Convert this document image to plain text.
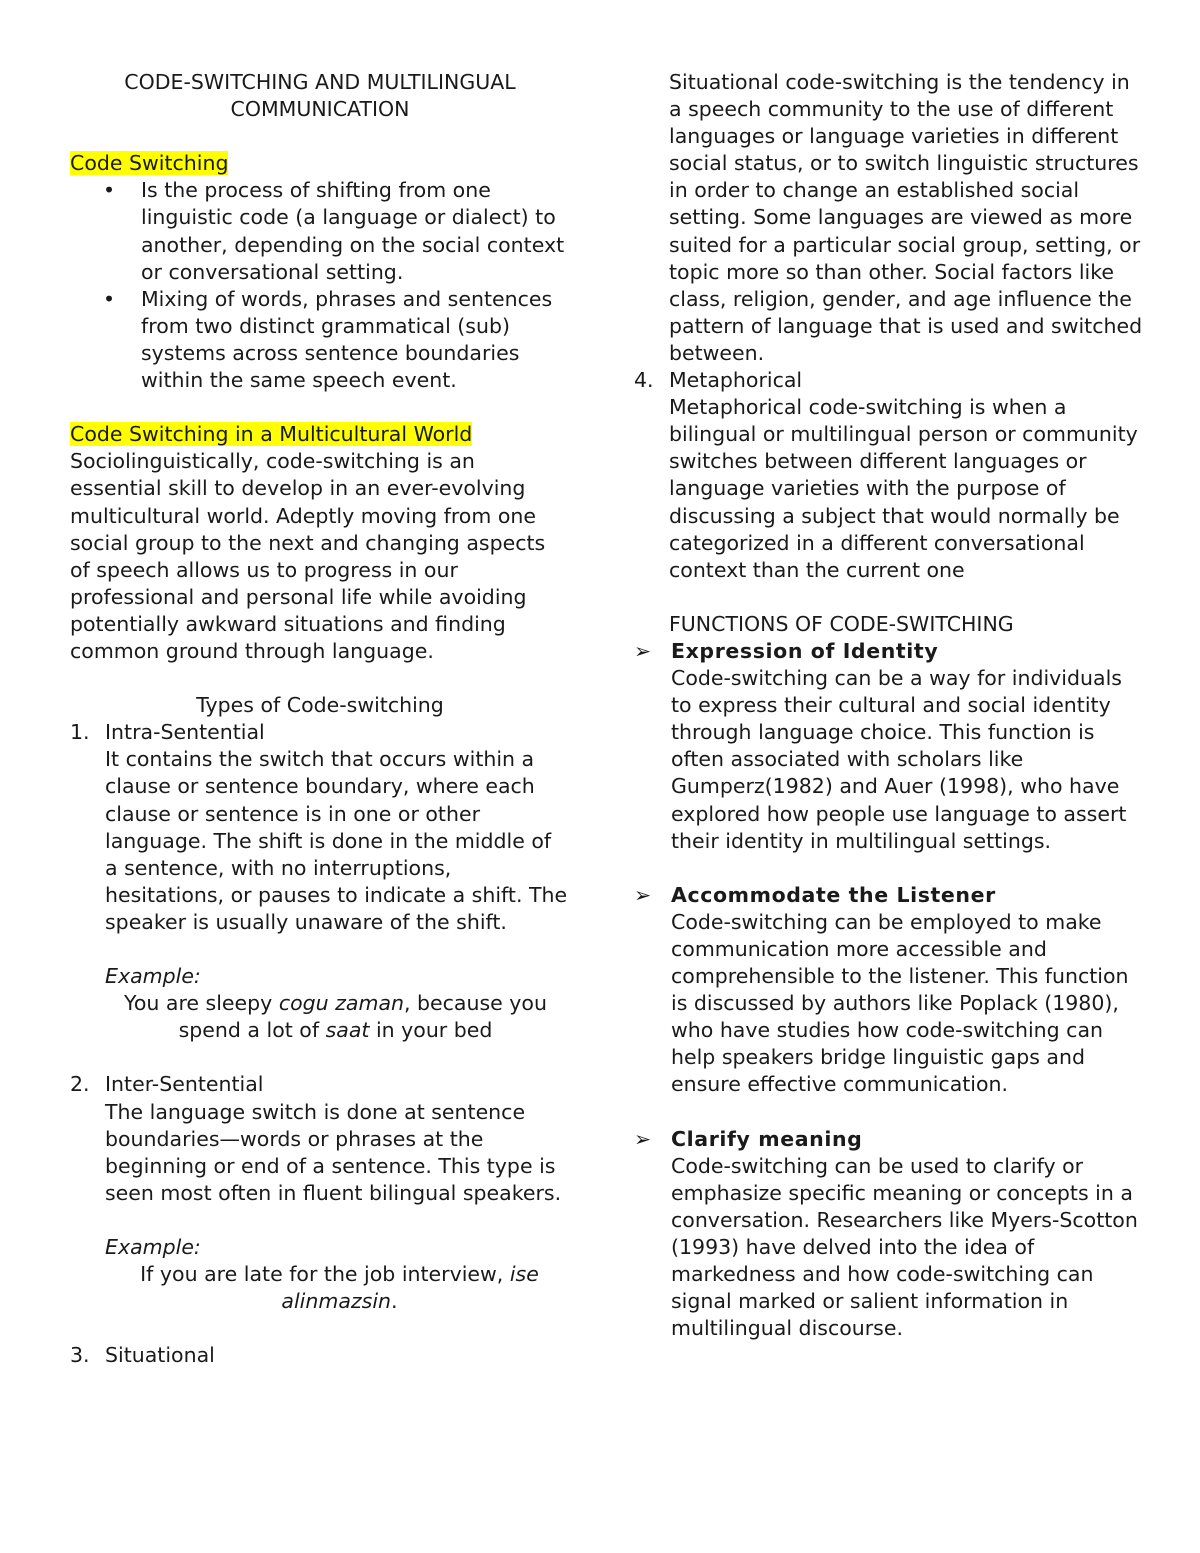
CODE-SWITCHING AND MULTILINGUAL
COMMUNICATION

Code Switching

• Is the process of shifting from one linguistic code (a language or dialect) to another, depending on the social context or conversational setting.
• Mixing of words, phrases and sentences from two distinct grammatical (sub) systems across sentence boundaries within the same speech event.

Code Switching in a Multicultural World

Sociolinguistically, code-switching is an essential skill to develop in an ever-evolving multicultural world. Adeptly moving from one social group to the next and changing aspects of speech allows us to progress in our professional and personal life while avoiding potentially awkward situations and finding common ground through language.

Types of Code-switching

1. Intra-Sentential

It contains the switch that occurs within a clause or sentence boundary, where each clause or sentence is in one or other language. The shift is done in the middle of a sentence, with no interruptions, hesitations, or pauses to indicate a shift. The speaker is usually unaware of the shift.

Example:

You are sleepy cogu zaman, because you spend a lot of saat in your bed

2. Inter-Sentential

The language switch is done at sentence boundaries—words or phrases at the beginning or end of a sentence. This type is seen most often in fluent bilingual speakers.

Example:

If you are late for the job interview, ise alinmazsin.

3. Situational

Situational code-switching is the tendency in a speech community to the use of different languages or language varieties in different social status, or to switch linguistic structures in order to change an established social setting. Some languages are viewed as more suited for a particular social group, setting, or topic more so than other. Social factors like class, religion, gender, and age influence the pattern of language that is used and switched between.

4. Metaphorical

Metaphorical code-switching is when a bilingual or multilingual person or community switches between different languages or language varieties with the purpose of discussing a subject that would normally be categorized in a different conversational context than the current one

FUNCTIONS OF CODE-SWITCHING

➢ Expression of Identity

Code-switching can be a way for individuals to express their cultural and social identity through language choice. This function is often associated with scholars like Gumperz(1982) and Auer (1998), who have explored how people use language to assert their identity in multilingual settings.

➢ Accommodate the Listener

Code-switching can be employed to make communication more accessible and comprehensible to the listener. This function is discussed by authors like Poplack (1980), who have studies how code-switching can help speakers bridge linguistic gaps and ensure effective communication.

➢ Clarify meaning

Code-switching can be used to clarify or emphasize specific meaning or concepts in a conversation. Researchers like Myers-Scotton (1993) have delved into the idea of markedness and how code-switching can signal marked or salient information in multilingual discourse.
